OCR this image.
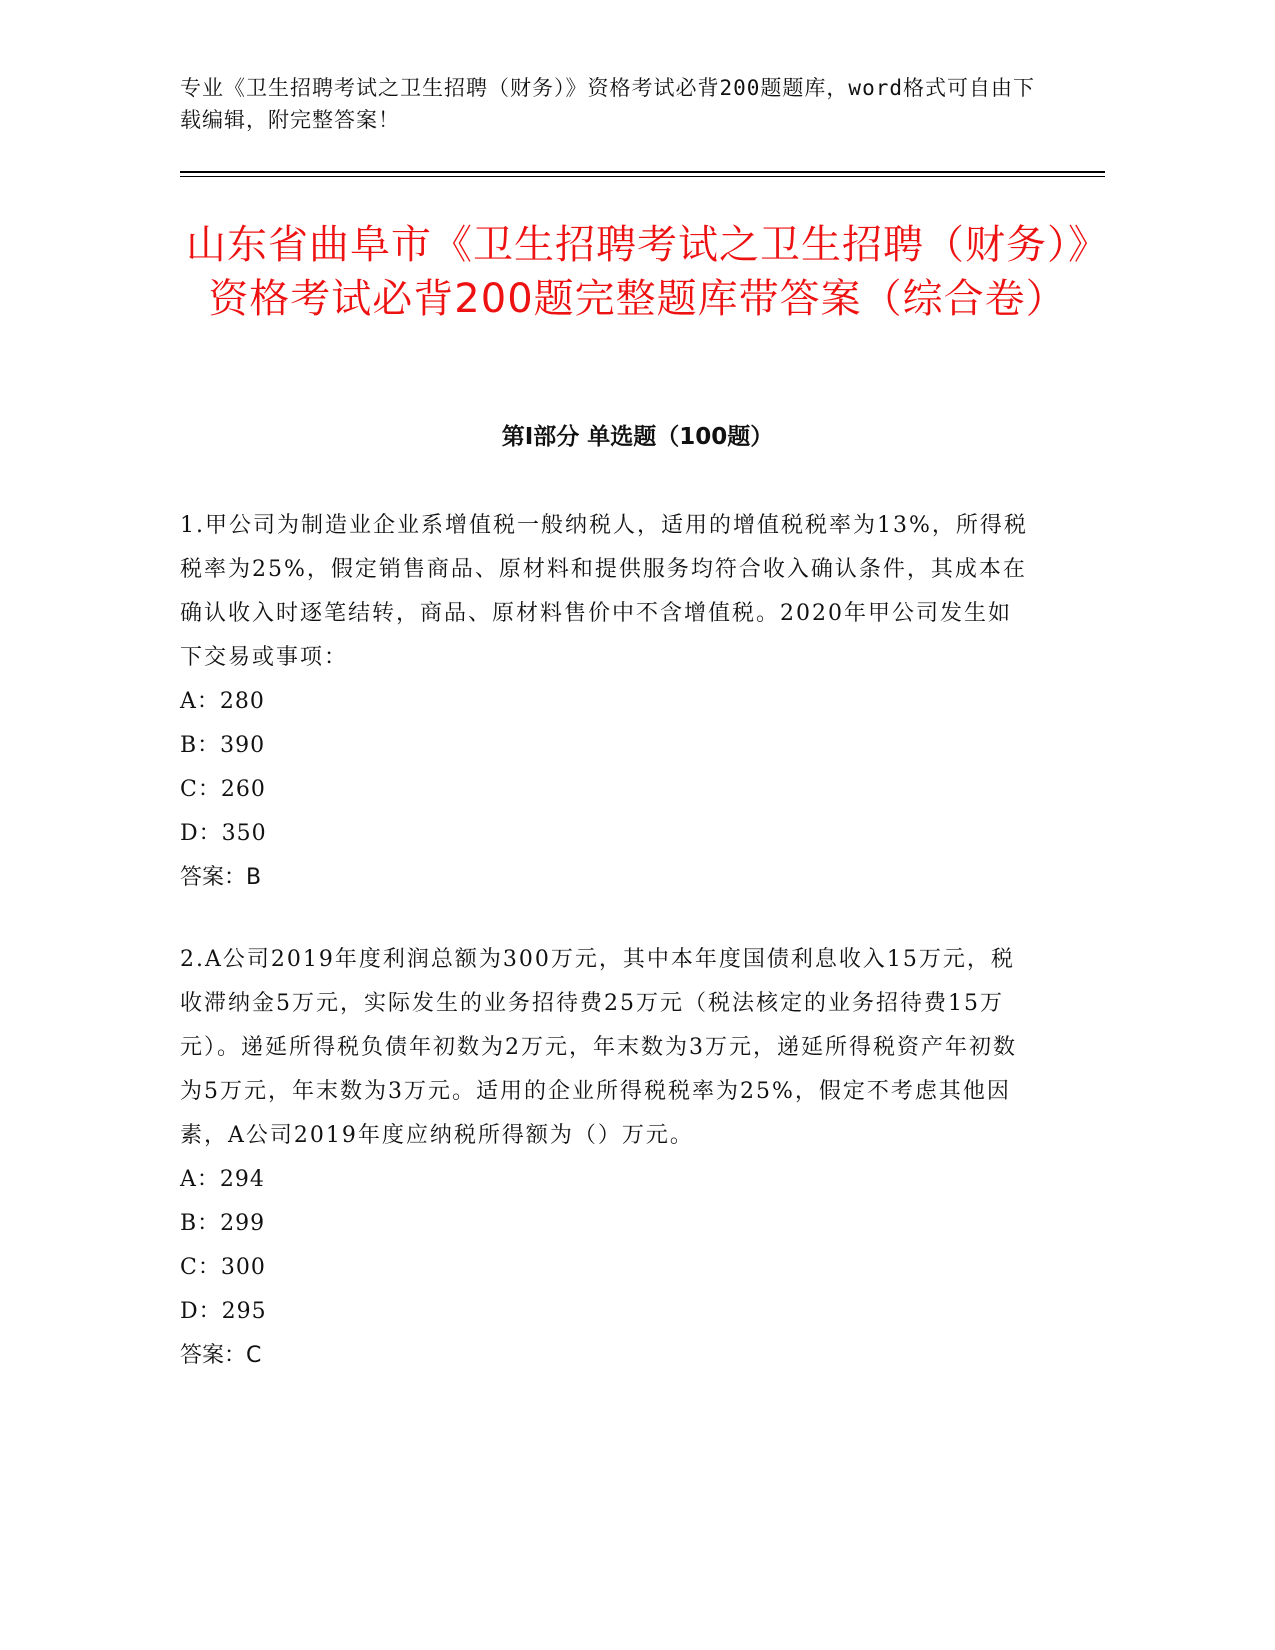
专业《卫生招聘考试之卫生招聘（财务）》资格考试必背200题题库，word格式可自由下载编辑，附完整答案！
山东省曲阜市《卫生招聘考试之卫生招聘（财务）》资格考试必背200题完整题库带答案（综合卷）
第Ⅰ部分 单选题（100题）

1.甲公司为制造业企业系增值税一般纳税人，适用的增值税税率为13%，所得税税率为25%，假定销售商品、原材料和提供服务均符合收入确认条件，其成本在确认收入时逐笔结转，商品、原材料售价中不含增值税。2020年甲公司发生如下交易或事项：

A：280

B：390

C：260

D：350

答案：B

2.A公司2019年度利润总额为300万元，其中本年度国债利息收入15万元，税收滞纳金5万元，实际发生的业务招待费25万元（税法核定的业务招待费15万元）。递延所得税负债年初数为2万元，年末数为3万元，递延所得税资产年初数为5万元，年末数为3万元。适用的企业所得税税率为25%，假定不考虑其他因素，A公司2019年度应纳税所得额为（）万元。

A：294

B：299

C：300

D：295

答案：C
